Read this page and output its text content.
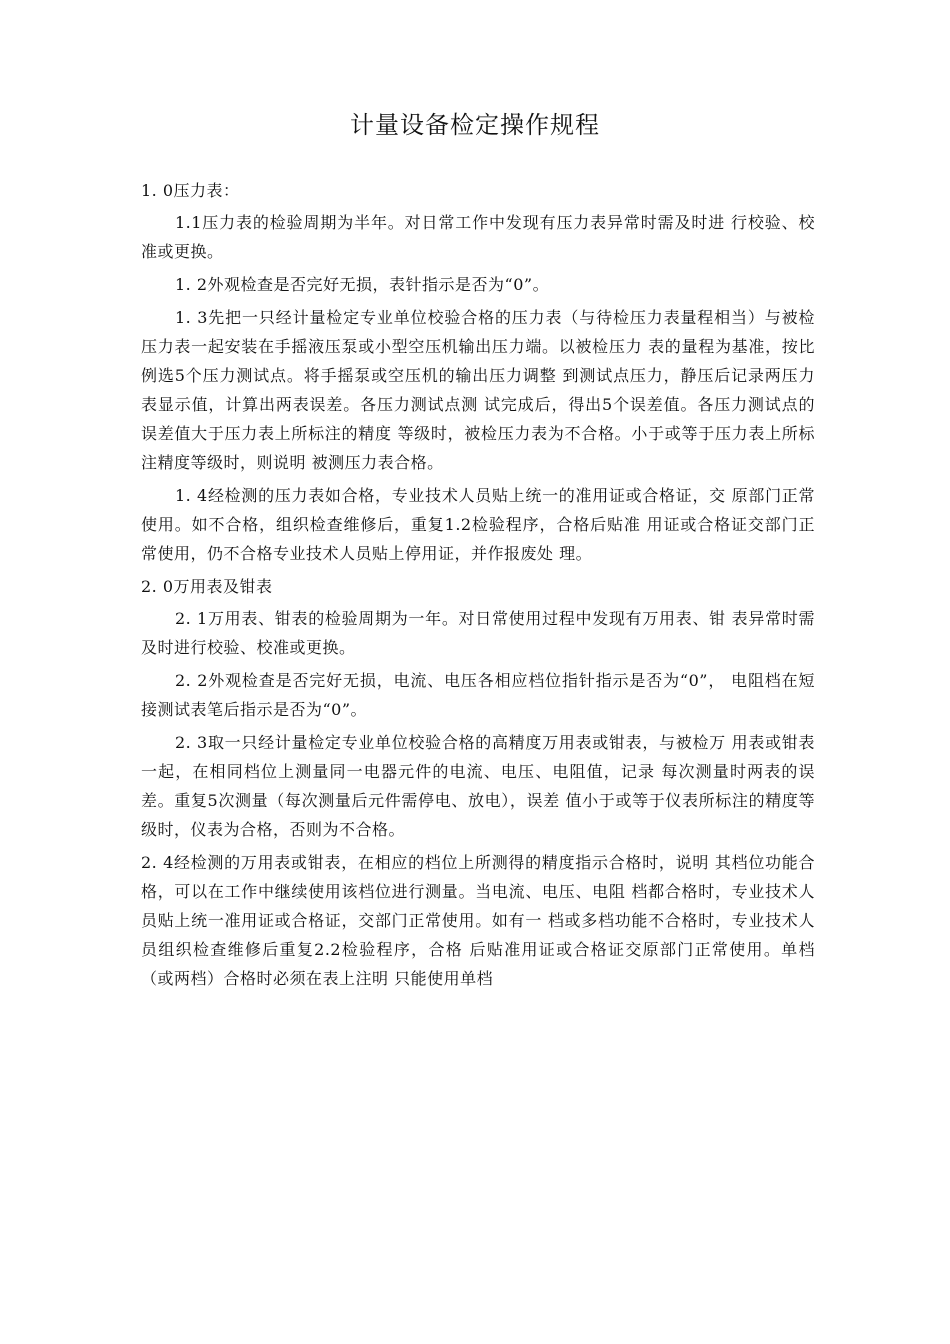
计量设备检定操作规程

1. 0压力表：

1.1压力表的检验周期为半年。对日常工作中发现有压力表异常时需及时进 行校验、校准或更换。

1. 2外观检查是否完好无损，表针指示是否为“0”。

1. 3先把一只经计量检定专业单位校验合格的压力表（与待检压力表量程相当）与被检压力表一起安装在手摇液压泵或小型空压机输出压力端。以被检压力 表的量程为基准，按比例选5个压力测试点。将手摇泵或空压机的输出压力调整 到测试点压力，静压后记录两压力表显示值，计算出两表误差。各压力测试点测 试完成后，得出5个误差值。各压力测试点的误差值大于压力表上所标注的精度 等级时，被检压力表为不合格。小于或等于压力表上所标注精度等级时，则说明 被测压力表合格。

1. 4经检测的压力表如合格，专业技术人员贴上统一的准用证或合格证，交 原部门正常使用。如不合格，组织检查维修后，重复1.2检验程序，合格后贴准 用证或合格证交部门正常使用，仍不合格专业技术人员贴上停用证，并作报废处 理。

2. 0万用表及钳表

2. 1万用表、钳表的检验周期为一年。对日常使用过程中发现有万用表、钳 表异常时需及时进行校验、校准或更换。

2. 2外观检查是否完好无损，电流、电压各相应档位指针指示是否为“0”， 电阻档在短接测试表笔后指示是否为“0”。

2. 3取一只经计量检定专业单位校验合格的高精度万用表或钳表，与被检万 用表或钳表一起，在相同档位上测量同一电器元件的电流、电压、电阻值，记录 每次测量时两表的误差。重复5次测量（每次测量后元件需停电、放电），误差 值小于或等于仪表所标注的精度等级时，仪表为合格，否则为不合格。

2. 4经检测的万用表或钳表，在相应的档位上所测得的精度指示合格时，说明 其档位功能合格，可以在工作中继续使用该档位进行测量。当电流、电压、电阻 档都合格时，专业技术人员贴上统一准用证或合格证，交部门正常使用。如有一 档或多档功能不合格时，专业技术人员组织检查维修后重复2.2检验程序，合格 后贴准用证或合格证交原部门正常使用。单档（或两档）合格时必须在表上注明 只能使用单档
